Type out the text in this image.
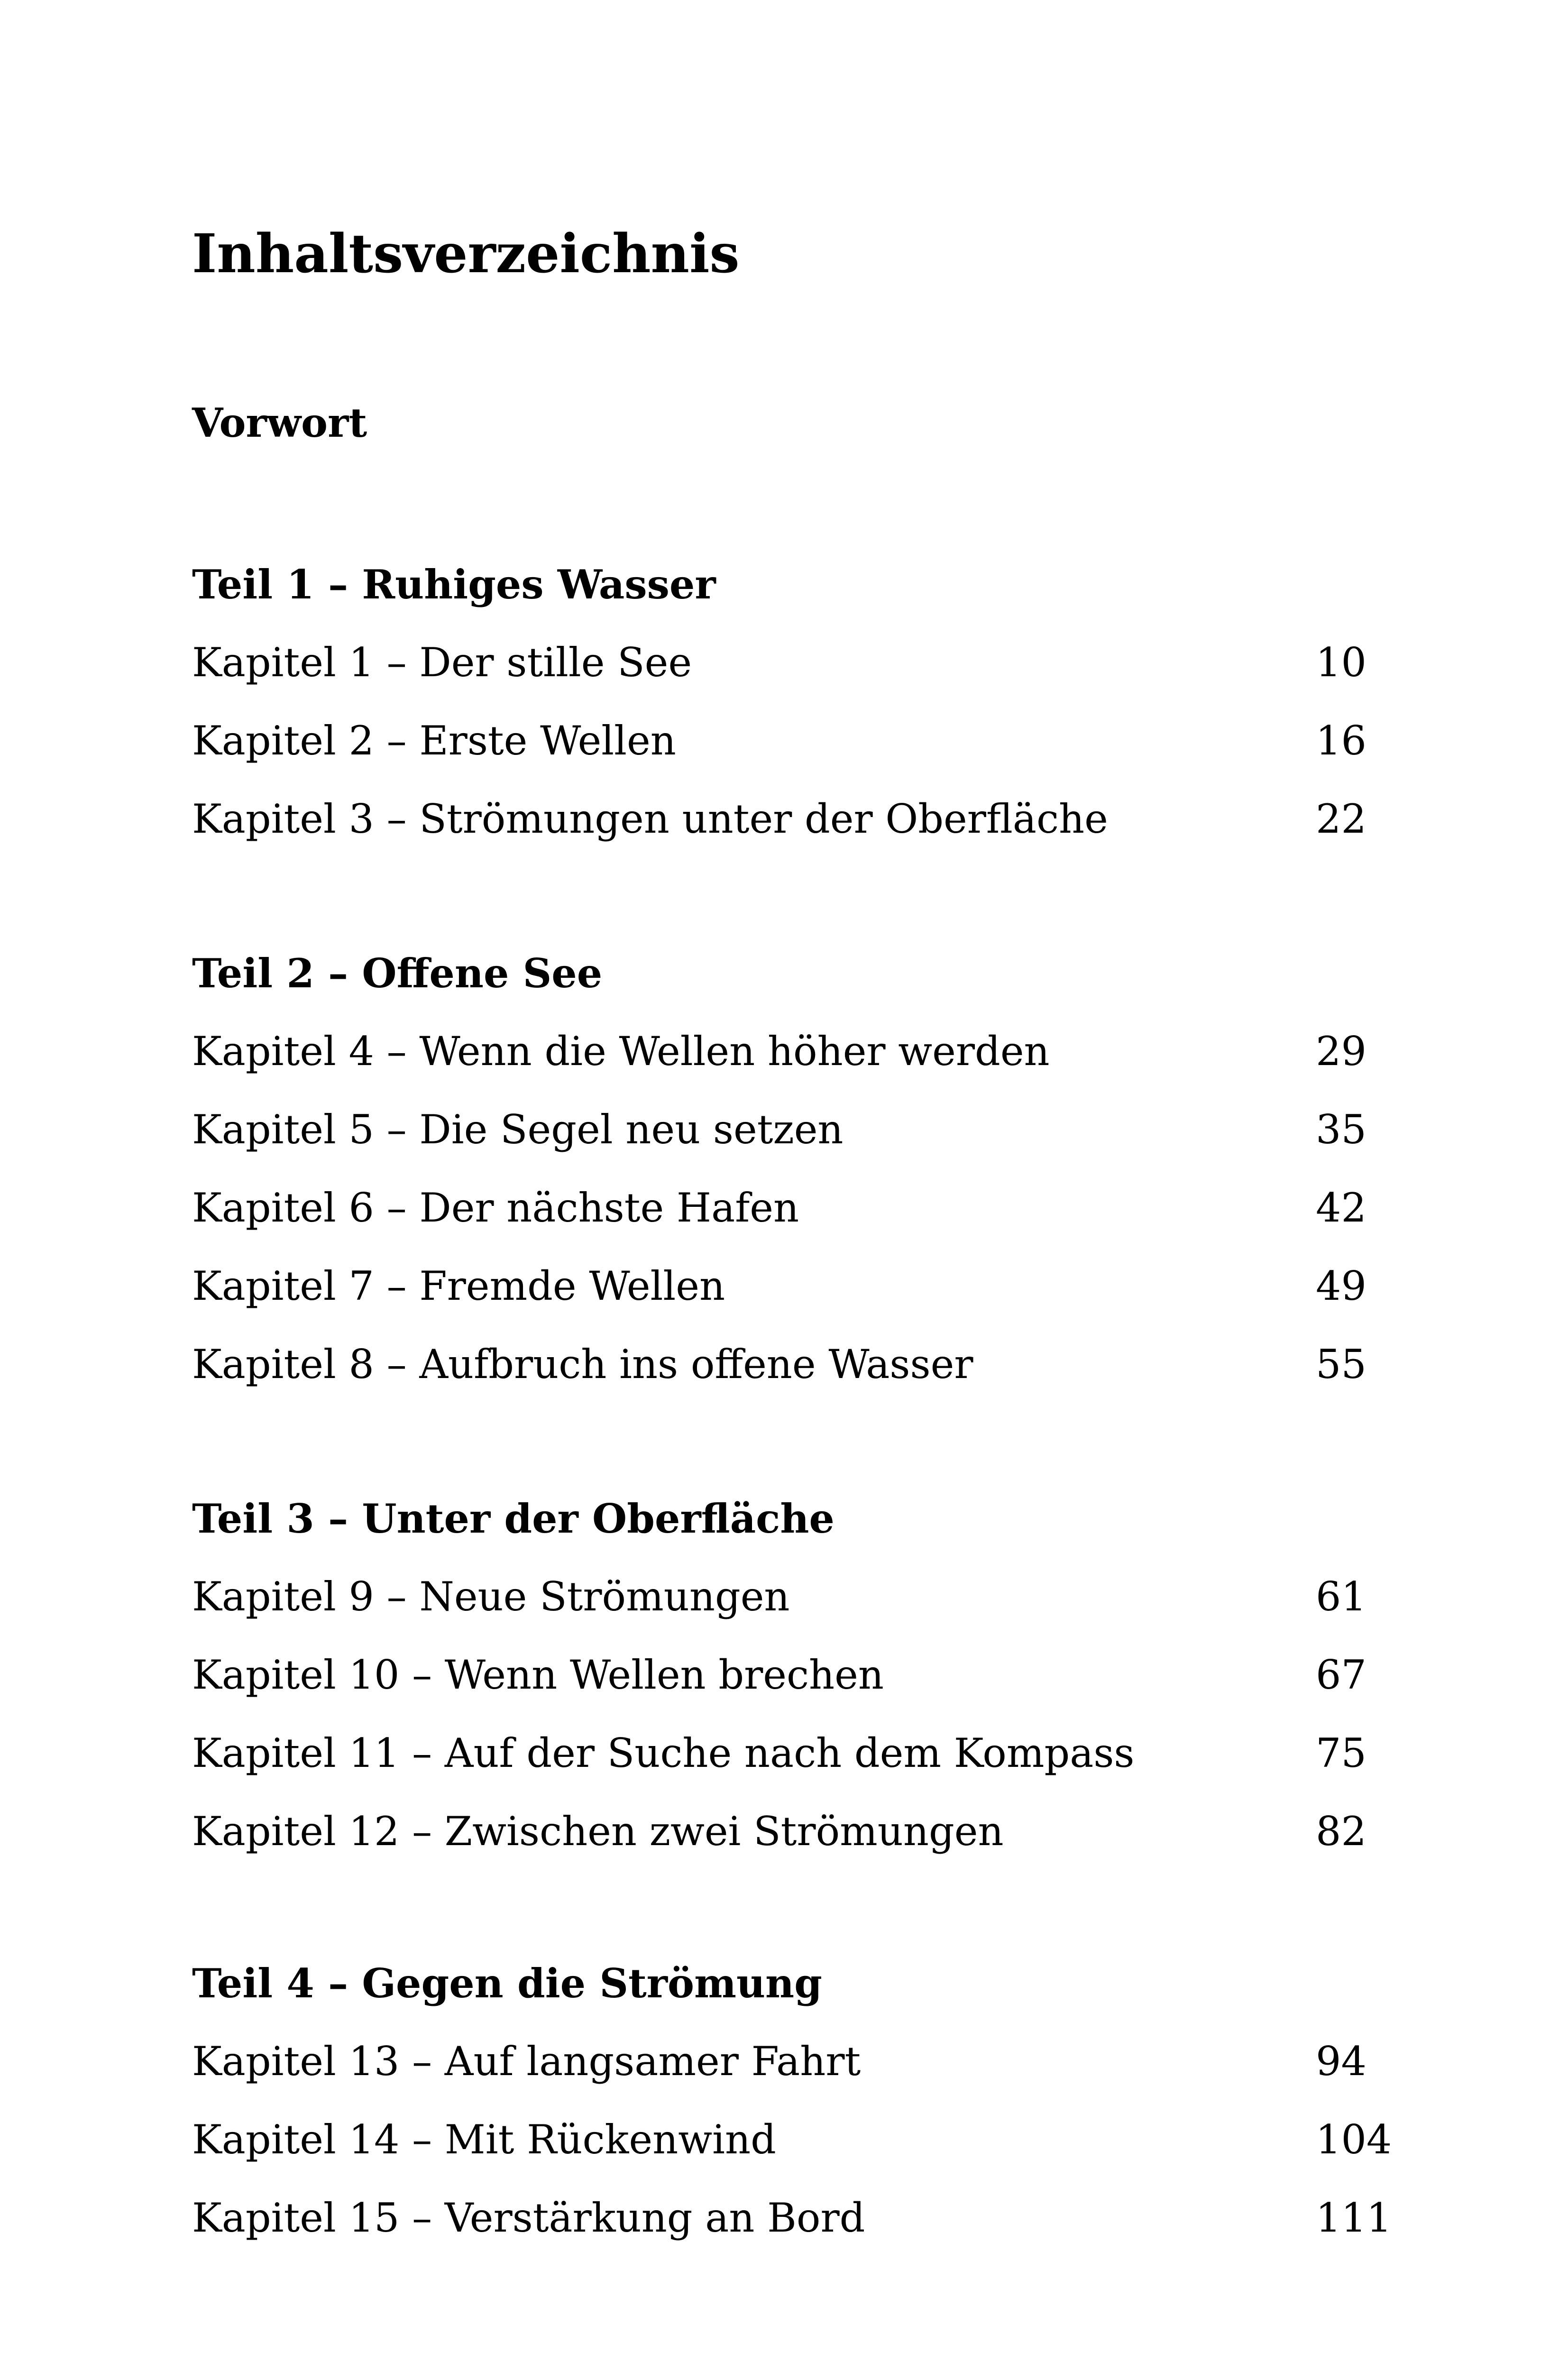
Inhaltsverzeichnis
Vorwort
Teil 1 – Ruhiges Wasser
Kapitel 1 – Der stille See	10
Kapitel 2 – Erste Wellen	16
Kapitel 3 – Strömungen unter der Oberfläche	22
Teil 2 – Offene See
Kapitel 4 – Wenn die Wellen höher werden	29
Kapitel 5 – Die Segel neu setzen	35
Kapitel 6 – Der nächste Hafen	42
Kapitel 7 – Fremde Wellen	49
Kapitel 8 – Aufbruch ins offene Wasser	55
Teil 3 – Unter der Oberfläche
Kapitel 9 – Neue Strömungen	61
Kapitel 10 – Wenn Wellen brechen	67
Kapitel 11 – Auf der Suche nach dem Kompass	75
Kapitel 12 – Zwischen zwei Strömungen	82
Teil 4 – Gegen die Strömung
Kapitel 13 – Auf langsamer Fahrt	94
Kapitel 14 – Mit Rückenwind	104
Kapitel 15 – Verstärkung an Bord	111
